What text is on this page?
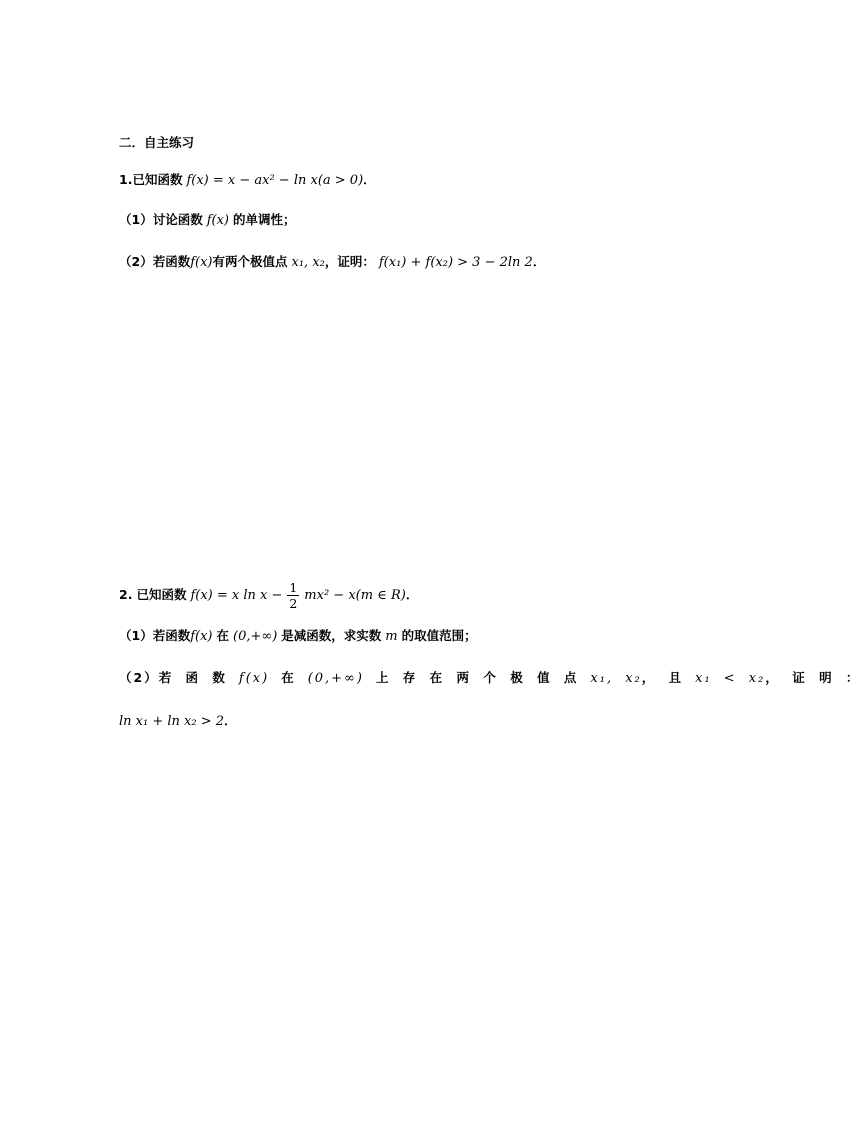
二．自主练习
1.已知函数 f(x) = x − ax² − ln x(a > 0)．
（1）讨论函数 f(x) 的单调性；
（2）若函数f(x)有两个极值点 x₁, x₂，证明： f(x₁) + f(x₂) > 3 − 2ln 2．
2. 已知函数 f(x) = x $\ln x - \frac{1}{2} mx^2 - x(m$ ∈ R)．
（1）若函数f(x) 在 (0,+∞) 是减函数，求实数 m 的取值范围；
（2）若 函 数 f(x) 在 (0,+∞) 上 存 在 两 个 极 值 点 x₁, x₂， 且 x₁ < x₂， 证 明 ：
ln x₁ + ln x₂ > 2．
